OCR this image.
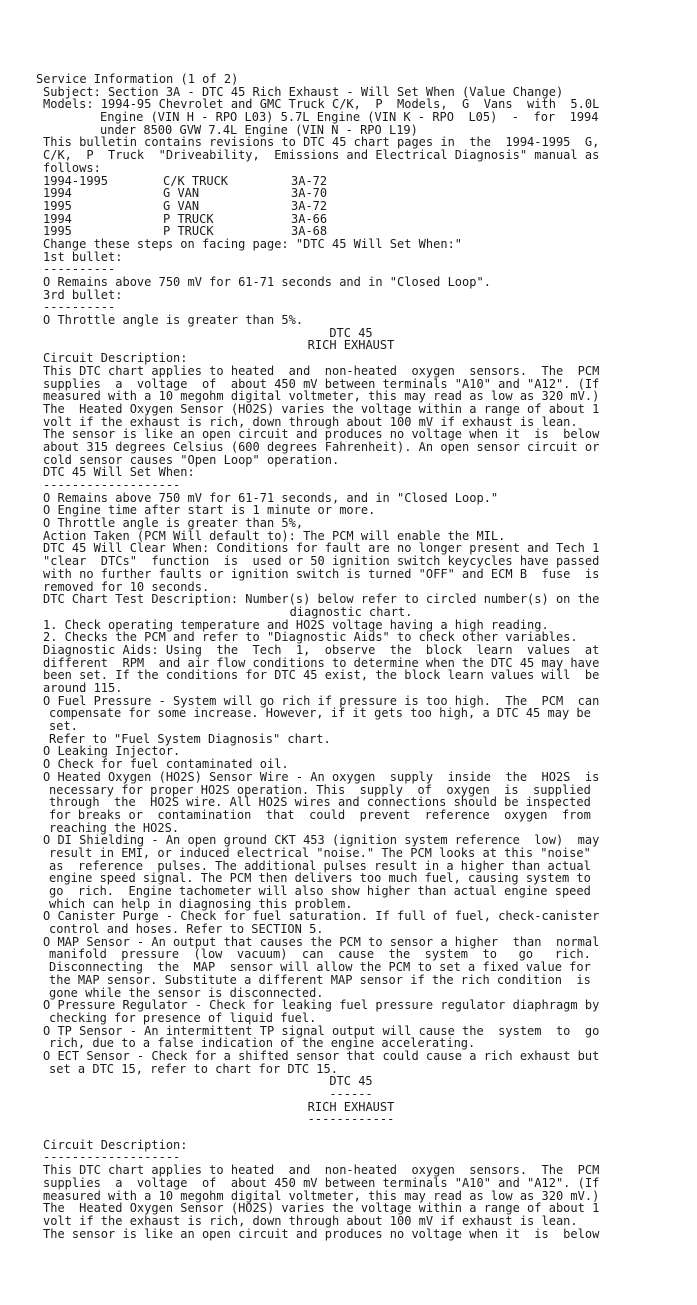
Service Information (1 of 2)
Subject: Section 3A - DTC 45 Rich Exhaust - Will Set When (Value Change)
Models: 1994-95 Chevrolet and GMC Truck C/K,  P  Models,  G  Vans  with  5.0L
Engine (VIN H - RPO L03) 5.7L Engine (VIN K - RPO  L05)  -  for  1994
under 8500 GVW 7.4L Engine (VIN N - RPO L19)
This bulletin contains revisions to DTC 45 chart pages in  the  1994-1995  G,
C/K,  P  Truck  "Driveability,  Emissions and Electrical Diagnosis" manual as
follows:
1994-1995	C/K TRUCK	3A-72
1994	G VAN	3A-70
1995	G VAN	3A-72
1994	P TRUCK	3A-66
1995	P TRUCK	3A-68
Change these steps on facing page: "DTC 45 Will Set When:"
1st bullet:
----------
O Remains above 750 mV for 61-71 seconds and in "Closed Loop".
3rd bullet:
----------
O Throttle angle is greater than 5%.
DTC 45
RICH EXHAUST
Circuit Description:
This DTC chart applies to heated  and  non-heated  oxygen  sensors.  The  PCM
supplies  a  voltage  of  about 450 mV between terminals "A10" and "A12". (If
measured with a 10 megohm digital voltmeter, this may read as low as 320 mV.)
The  Heated Oxygen Sensor (HO2S) varies the voltage within a range of about 1
volt if the exhaust is rich, down through about 100 mV if exhaust is lean.
The sensor is like an open circuit and produces no voltage when it  is  below
about 315 degrees Celsius (600 degrees Fahrenheit). An open sensor circuit or
cold sensor causes "Open Loop" operation.
DTC 45 Will Set When:
-------------------
O Remains above 750 mV for 61-71 seconds, and in "Closed Loop."
O Engine time after start is 1 minute or more.
O Throttle angle is greater than 5%,
Action Taken (PCM Will default to): The PCM will enable the MIL.
DTC 45 Will Clear When: Conditions for fault are no longer present and Tech 1
"clear  DTCs"  function  is  used or 50 ignition switch keycycles have passed
with no further faults or ignition switch is turned "OFF" and ECM B  fuse  is
removed for 10 seconds.
DTC Chart Test Description: Number(s) below refer to circled number(s) on the
diagnostic chart.
1. Check operating temperature and HO2S voltage having a high reading.
2. Checks the PCM and refer to "Diagnostic Aids" to check other variables.
Diagnostic Aids: Using  the  Tech  1,  observe  the  block  learn  values  at
different  RPM  and air flow conditions to determine when the DTC 45 may have
been set. If the conditions for DTC 45 exist, the block learn values will  be
around 115.
O Fuel Pressure - System will go rich if pressure is too high.  The  PCM  can
compensate for some increase. However, if it gets too high, a DTC 45 may be
set.
Refer to "Fuel System Diagnosis" chart.
O Leaking Injector.
O Check for fuel contaminated oil.
O Heated Oxygen (HO2S) Sensor Wire - An oxygen  supply  inside  the  HO2S  is
necessary for proper HO2S operation. This  supply  of  oxygen  is  supplied
through  the  HO2S wire. All HO2S wires and connections should be inspected
for breaks or  contamination  that  could  prevent  reference  oxygen  from
reaching the HO2S.
O DI Shielding - An open ground CKT 453 (ignition system reference  low)  may
result in EMI, or induced electrical "noise." The PCM looks at this "noise"
as  reference  pulses. The additional pulses result in a higher than actual
engine speed signal. The PCM then delivers too much fuel, causing system to
go  rich.  Engine tachometer will also show higher than actual engine speed
which can help in diagnosing this problem.
O Canister Purge - Check for fuel saturation. If full of fuel, check-canister
control and hoses. Refer to SECTION 5.
O MAP Sensor - An output that causes the PCM to sensor a higher  than  normal
manifold  pressure  (low  vacuum)  can  cause  the  system  to   go   rich.
Disconnecting  the  MAP  sensor will allow the PCM to set a fixed value for
the MAP sensor. Substitute a different MAP sensor if the rich condition  is
gone while the sensor is disconnected.
O Pressure Regulator - Check for leaking fuel pressure regulator diaphragm by
checking for presence of liquid fuel.
O TP Sensor - An intermittent TP signal output will cause the  system  to  go
rich, due to a false indication of the engine accelerating.
O ECT Sensor - Check for a shifted sensor that could cause a rich exhaust but
set a DTC 15, refer to chart for DTC 15.
DTC 45
------
RICH EXHAUST
------------
Circuit Description:
-------------------
This DTC chart applies to heated  and  non-heated  oxygen  sensors.  The  PCM
supplies  a  voltage  of  about 450 mV between terminals "A10" and "A12". (If
measured with a 10 megohm digital voltmeter, this may read as low as 320 mV.)
The  Heated Oxygen Sensor (HO2S) varies the voltage within a range of about 1
volt if the exhaust is rich, down through about 100 mV if exhaust is lean.
The sensor is like an open circuit and produces no voltage when it  is  below
